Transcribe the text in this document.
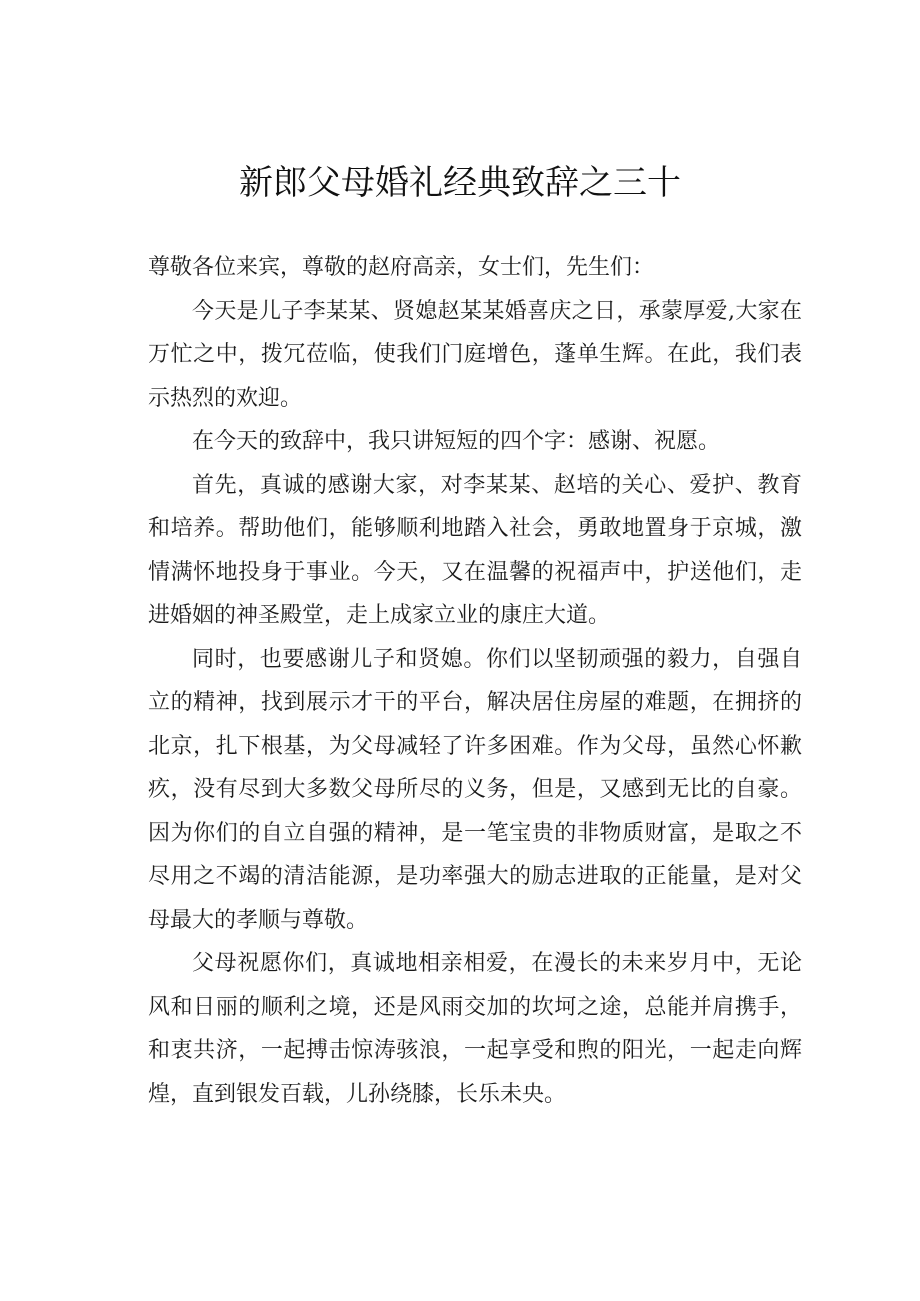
新郎父母婚礼经典致辞之三十

尊敬各位来宾，尊敬的赵府高亲，女士们，先生们：

今天是儿子李某某、贤媳赵某某婚喜庆之日，承蒙厚爱,大家在万忙之中，拨冗莅临，使我们门庭增色，蓬单生辉。在此，我们表示热烈的欢迎。

在今天的致辞中，我只讲短短的四个字：感谢、祝愿。

首先，真诚的感谢大家，对李某某、赵培的关心、爱护、教育和培养。帮助他们，能够顺利地踏入社会，勇敢地置身于京城，激情满怀地投身于事业。今天，又在温馨的祝福声中，护送他们，走进婚姻的神圣殿堂，走上成家立业的康庄大道。

同时，也要感谢儿子和贤媳。你们以坚韧顽强的毅力，自强自立的精神，找到展示才干的平台，解决居住房屋的难题，在拥挤的北京，扎下根基，为父母减轻了许多困难。作为父母，虽然心怀歉疚，没有尽到大多数父母所尽的义务，但是，又感到无比的自豪。因为你们的自立自强的精神，是一笔宝贵的非物质财富，是取之不尽用之不竭的清洁能源，是功率强大的励志进取的正能量，是对父母最大的孝顺与尊敬。

父母祝愿你们，真诚地相亲相爱，在漫长的未来岁月中，无论风和日丽的顺利之境，还是风雨交加的坎坷之途，总能并肩携手，和衷共济，一起搏击惊涛骇浪，一起享受和煦的阳光，一起走向辉煌，直到银发百载，儿孙绕膝，长乐未央。
